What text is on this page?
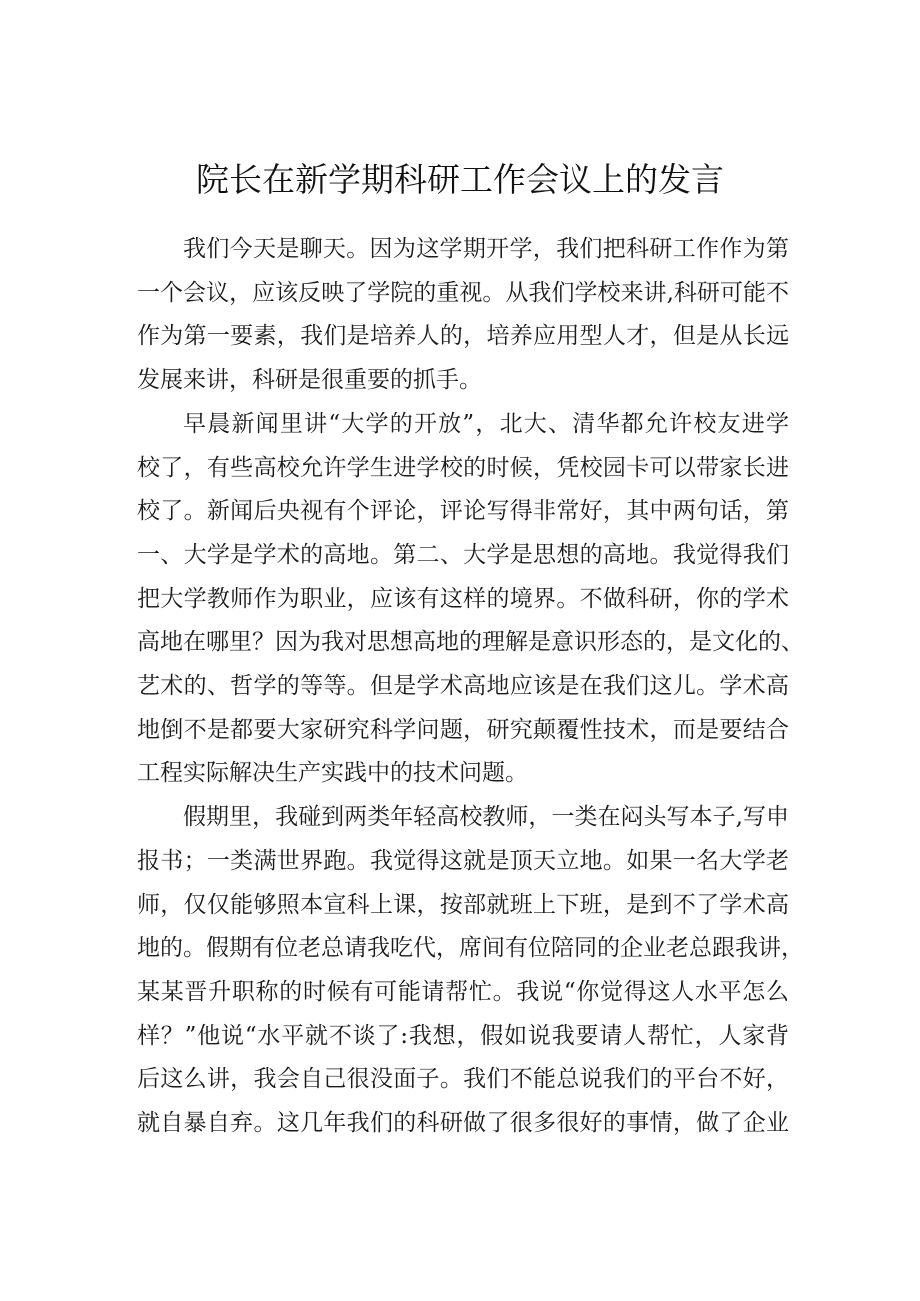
院长在新学期科研工作会议上的发言
我们今天是聊天。因为这学期开学，我们把科研工作作为第
一个会议，应该反映了学院的重视。从我们学校来讲,科研可能不
作为第一要素，我们是培养人的，培养应用型人才，但是从长远
发展来讲，科研是很重要的抓手。
早晨新闻里讲“大学的开放”，北大、清华都允许校友进学
校了，有些高校允许学生进学校的时候，凭校园卡可以带家长进
校了。新闻后央视有个评论，评论写得非常好，其中两句话，第
一、大学是学术的高地。第二、大学是思想的高地。我觉得我们
把大学教师作为职业，应该有这样的境界。不做科研，你的学术
高地在哪里？因为我对思想高地的理解是意识形态的，是文化的、
艺术的、哲学的等等。但是学术高地应该是在我们这儿。学术高
地倒不是都要大家研究科学问题，研究颠覆性技术，而是要结合
工程实际解决生产实践中的技术问题。
假期里，我碰到两类年轻高校教师，一类在闷头写本子,写申
报书；一类满世界跑。我觉得这就是顶天立地。如果一名大学老
师，仅仅能够照本宣科上课，按部就班上下班，是到不了学术高
地的。假期有位老总请我吃代，席间有位陪同的企业老总跟我讲，
某某晋升职称的时候有可能请帮忙。我说“你觉得这人水平怎么
样？”他说“水平就不谈了:我想，假如说我要请人帮忙，人家背
后这么讲，我会自己很没面子。我们不能总说我们的平台不好，
就自暴自弃。这几年我们的科研做了很多很好的事情，做了企业
